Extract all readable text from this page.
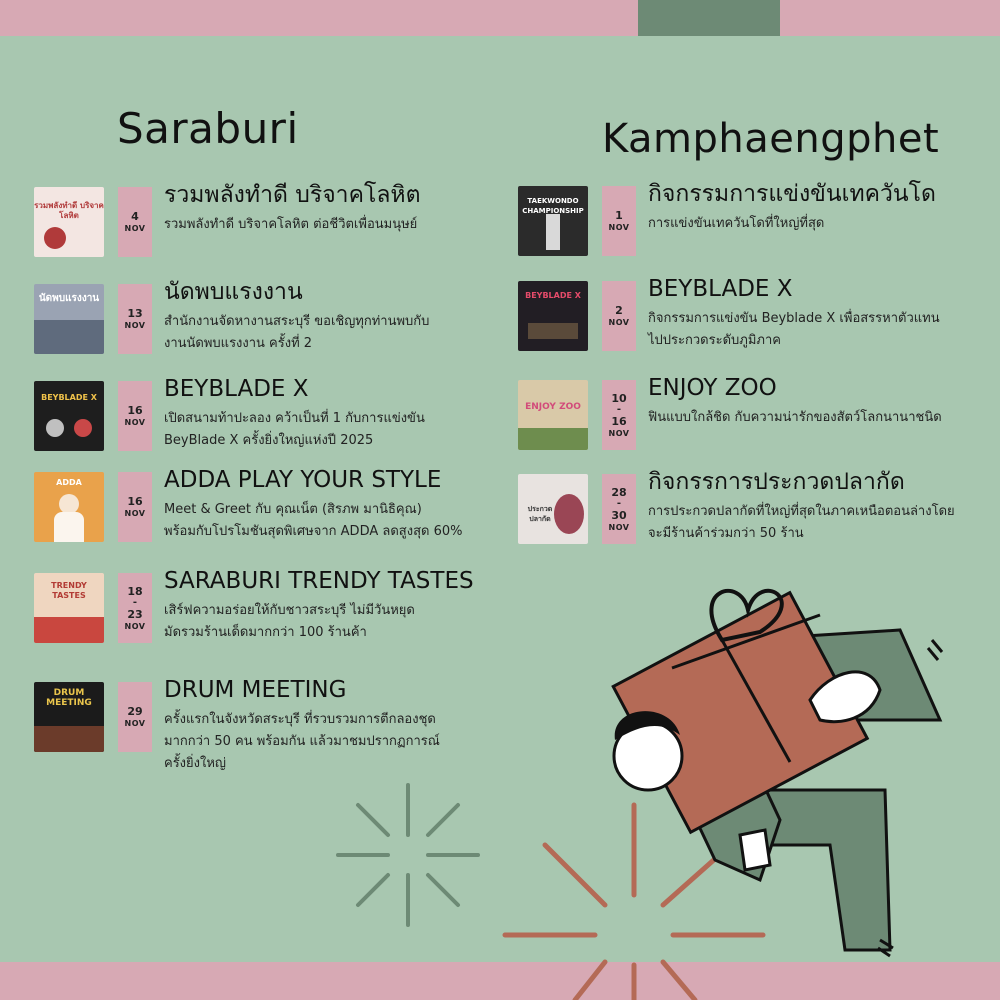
Saraburi	Kamphaengphet
รวมพลังทำดี บริจาคโลหิต	4
NOV
รวมพลังทำดี บริจาคโลหิต
รวมพลังทำดี บริจาคโลหิต ต่อชีวิตเพื่อนมนุษย์
นัดพบแรงงาน
13
NOV
นัดพบแรงงาน
สำนักงานจัดหางานสระบุรี ขอเชิญทุกท่านพบกับ
งานนัดพบแรงงาน ครั้งที่ 2
BEYBLADE X
16
NOV
BEYBLADE X
เปิดสนามท้าปะลอง คว้าเป็นที่ 1 กับการแข่งขัน
BeyBlade X ครั้งยิ่งใหญ่แห่งปี 2025
ADDA
16
NOV
ADDA PLAY YOUR STYLE
Meet & Greet กับ คุณเน็ต (สิรภพ มานิธิคุณ)
พร้อมกับโปรโมชันสุดพิเศษจาก ADDA ลดสูงสุด 60%
TRENDY TASTES	18
-
23
NOV
SARABURI TRENDY TASTES
เสิร์ฟความอร่อยให้กับชาวสระบุรี ไม่มีวันหยุด
มัดรวมร้านเด็ดมากกว่า 100 ร้านค้า
DRUM MEETING
29
NOV
DRUM MEETING
ครั้งแรกในจังหวัดสระบุรี ที่รวบรวมการตีกลองชุด
มากกว่า 50 คน พร้อมกัน แล้วมาชมปรากฏการณ์
ครั้งยิ่งใหญ่
TAEKWONDO CHAMPIONSHIP	1
NOV
กิจกรรมการแข่งขันเทควันโด
การแข่งขันเทควันโดที่ใหญ่ที่สุด
BEYBLADE X
2
NOV
BEYBLADE X
กิจกรรมการแข่งขัน Beyblade X เพื่อสรรหาตัวแทน
ไปประกวดระดับภูมิภาค
ENJOY ZOO
10
-
16
NOV
ENJOY ZOO
ฟินแบบใกล้ชิด กับความน่ารักของสัตว์โลกนานาชนิด
ประกวดปลากัด
28
-
30
NOV
กิจกรรการประกวดปลากัด
การประกวดปลากัดที่ใหญ่ที่สุดในภาคเหนือตอนล่างโดย
จะมีร้านค้าร่วมกว่า 50 ร้าน
